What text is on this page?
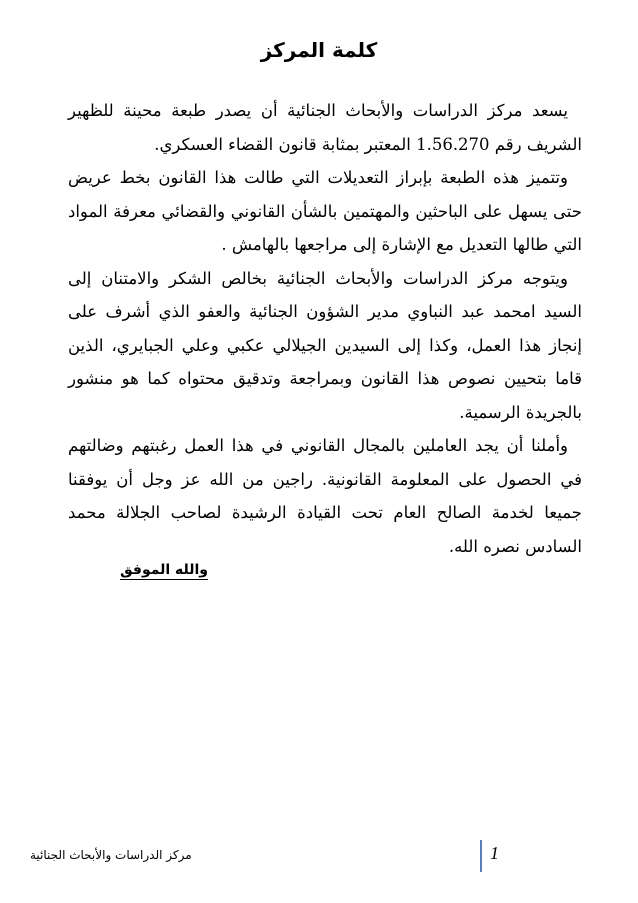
كلمة المركز

يسعد مركز الدراسات والأبحاث الجنائية أن يصدر طبعة محينة للظهير الشريف رقم 1.56.270 المعتبر بمثابة قانون القضاء العسكري.

وتتميز هذه الطبعة بإبراز التعديلات التي طالت هذا القانون بخط عريض حتى يسهل على الباحثين والمهتمين بالشأن القانوني والقضائي معرفة المواد التي طالها التعديل مع الإشارة إلى مراجعها بالهامش .

ويتوجه مركز الدراسات والأبحاث الجنائية بخالص الشكر والامتنان إلى السيد امحمد عبد النباوي مدير الشؤون الجنائية والعفو الذي أشرف على إنجاز هذا العمل، وكذا إلى السيدين الجيلالي عكبي وعلي الجبايري، الذين قاما بتحيين نصوص هذا القانون وبمراجعة وتدقيق محتواه كما هو منشور بالجريدة الرسمية.

وأملنا أن يجد العاملين بالمجال القانوني في هذا العمل رغبتهم وضالتهم في الحصول على المعلومة القانونية. راجين من الله عز وجل أن يوفقنا جميعا لخدمة الصالح العام تحت القيادة الرشيدة لصاحب الجلالة محمد السادس نصره الله.

والله الموفق
1
مركز الدراسات والأبحاث الجنائية
